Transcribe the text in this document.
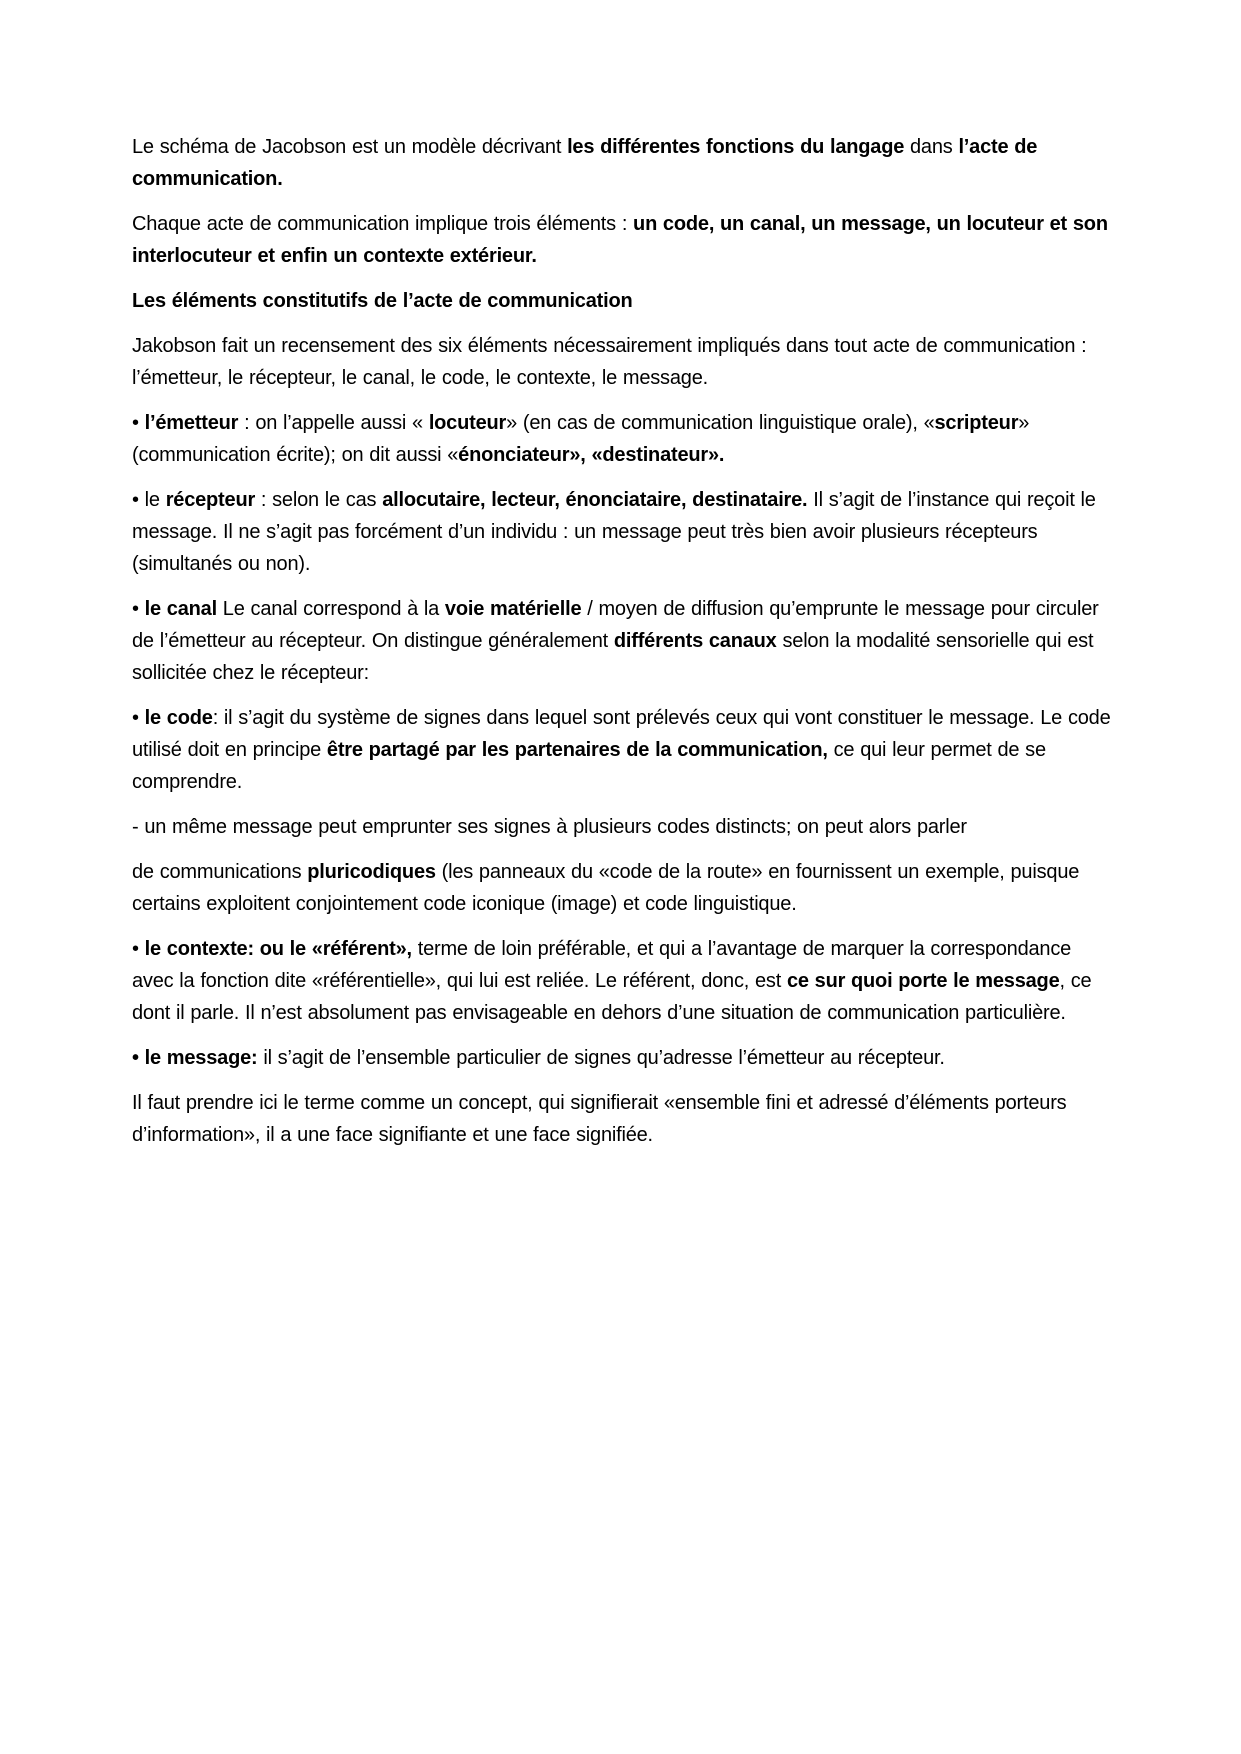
Le schéma de Jacobson est un modèle décrivant les différentes fonctions du langage dans l’acte de communication.

Chaque acte de communication implique trois éléments : un code, un canal, un message, un locuteur et son interlocuteur et enfin un contexte extérieur.

Les éléments constitutifs de l’acte de communication

Jakobson fait un recensement des six éléments nécessairement impliqués dans tout acte de communication : l’émetteur, le récepteur, le canal, le code, le contexte, le message.

• l’émetteur : on l’appelle aussi « locuteur» (en cas de communication linguistique orale), «scripteur» (communication écrite); on dit aussi «énonciateur», «destinateur».

• le récepteur : selon le cas allocutaire, lecteur, énonciataire, destinataire. Il s’agit de l’instance qui reçoit le message. Il ne s’agit pas forcément d’un individu : un message peut très bien avoir plusieurs récepteurs (simultanés ou non).

• le canal Le canal correspond à la voie matérielle / moyen de diffusion qu’emprunte le message pour circuler de l’émetteur au récepteur. On distingue généralement différents canaux selon la modalité sensorielle qui est sollicitée chez le récepteur:

• le code: il s’agit du système de signes dans lequel sont prélevés ceux qui vont constituer le message. Le code utilisé doit en principe être partagé par les partenaires de la communication, ce qui leur permet de se comprendre.

- un même message peut emprunter ses signes à plusieurs codes distincts; on peut alors parler

de communications pluricodiques (les panneaux du «code de la route» en fournissent un exemple, puisque certains exploitent conjointement code iconique (image) et code linguistique.

• le contexte: ou le «référent», terme de loin préférable, et qui a l’avantage de marquer la correspondance avec la fonction dite «référentielle», qui lui est reliée. Le référent, donc, est ce sur quoi porte le message, ce dont il parle. Il n’est absolument pas envisageable en dehors d’une situation de communication particulière.

• le message: il s’agit de l’ensemble particulier de signes qu’adresse l’émetteur au récepteur.

Il faut prendre ici le terme comme un concept, qui signifierait «ensemble fini et adressé d’éléments porteurs d’information», il a une face signifiante et une face signifiée.
